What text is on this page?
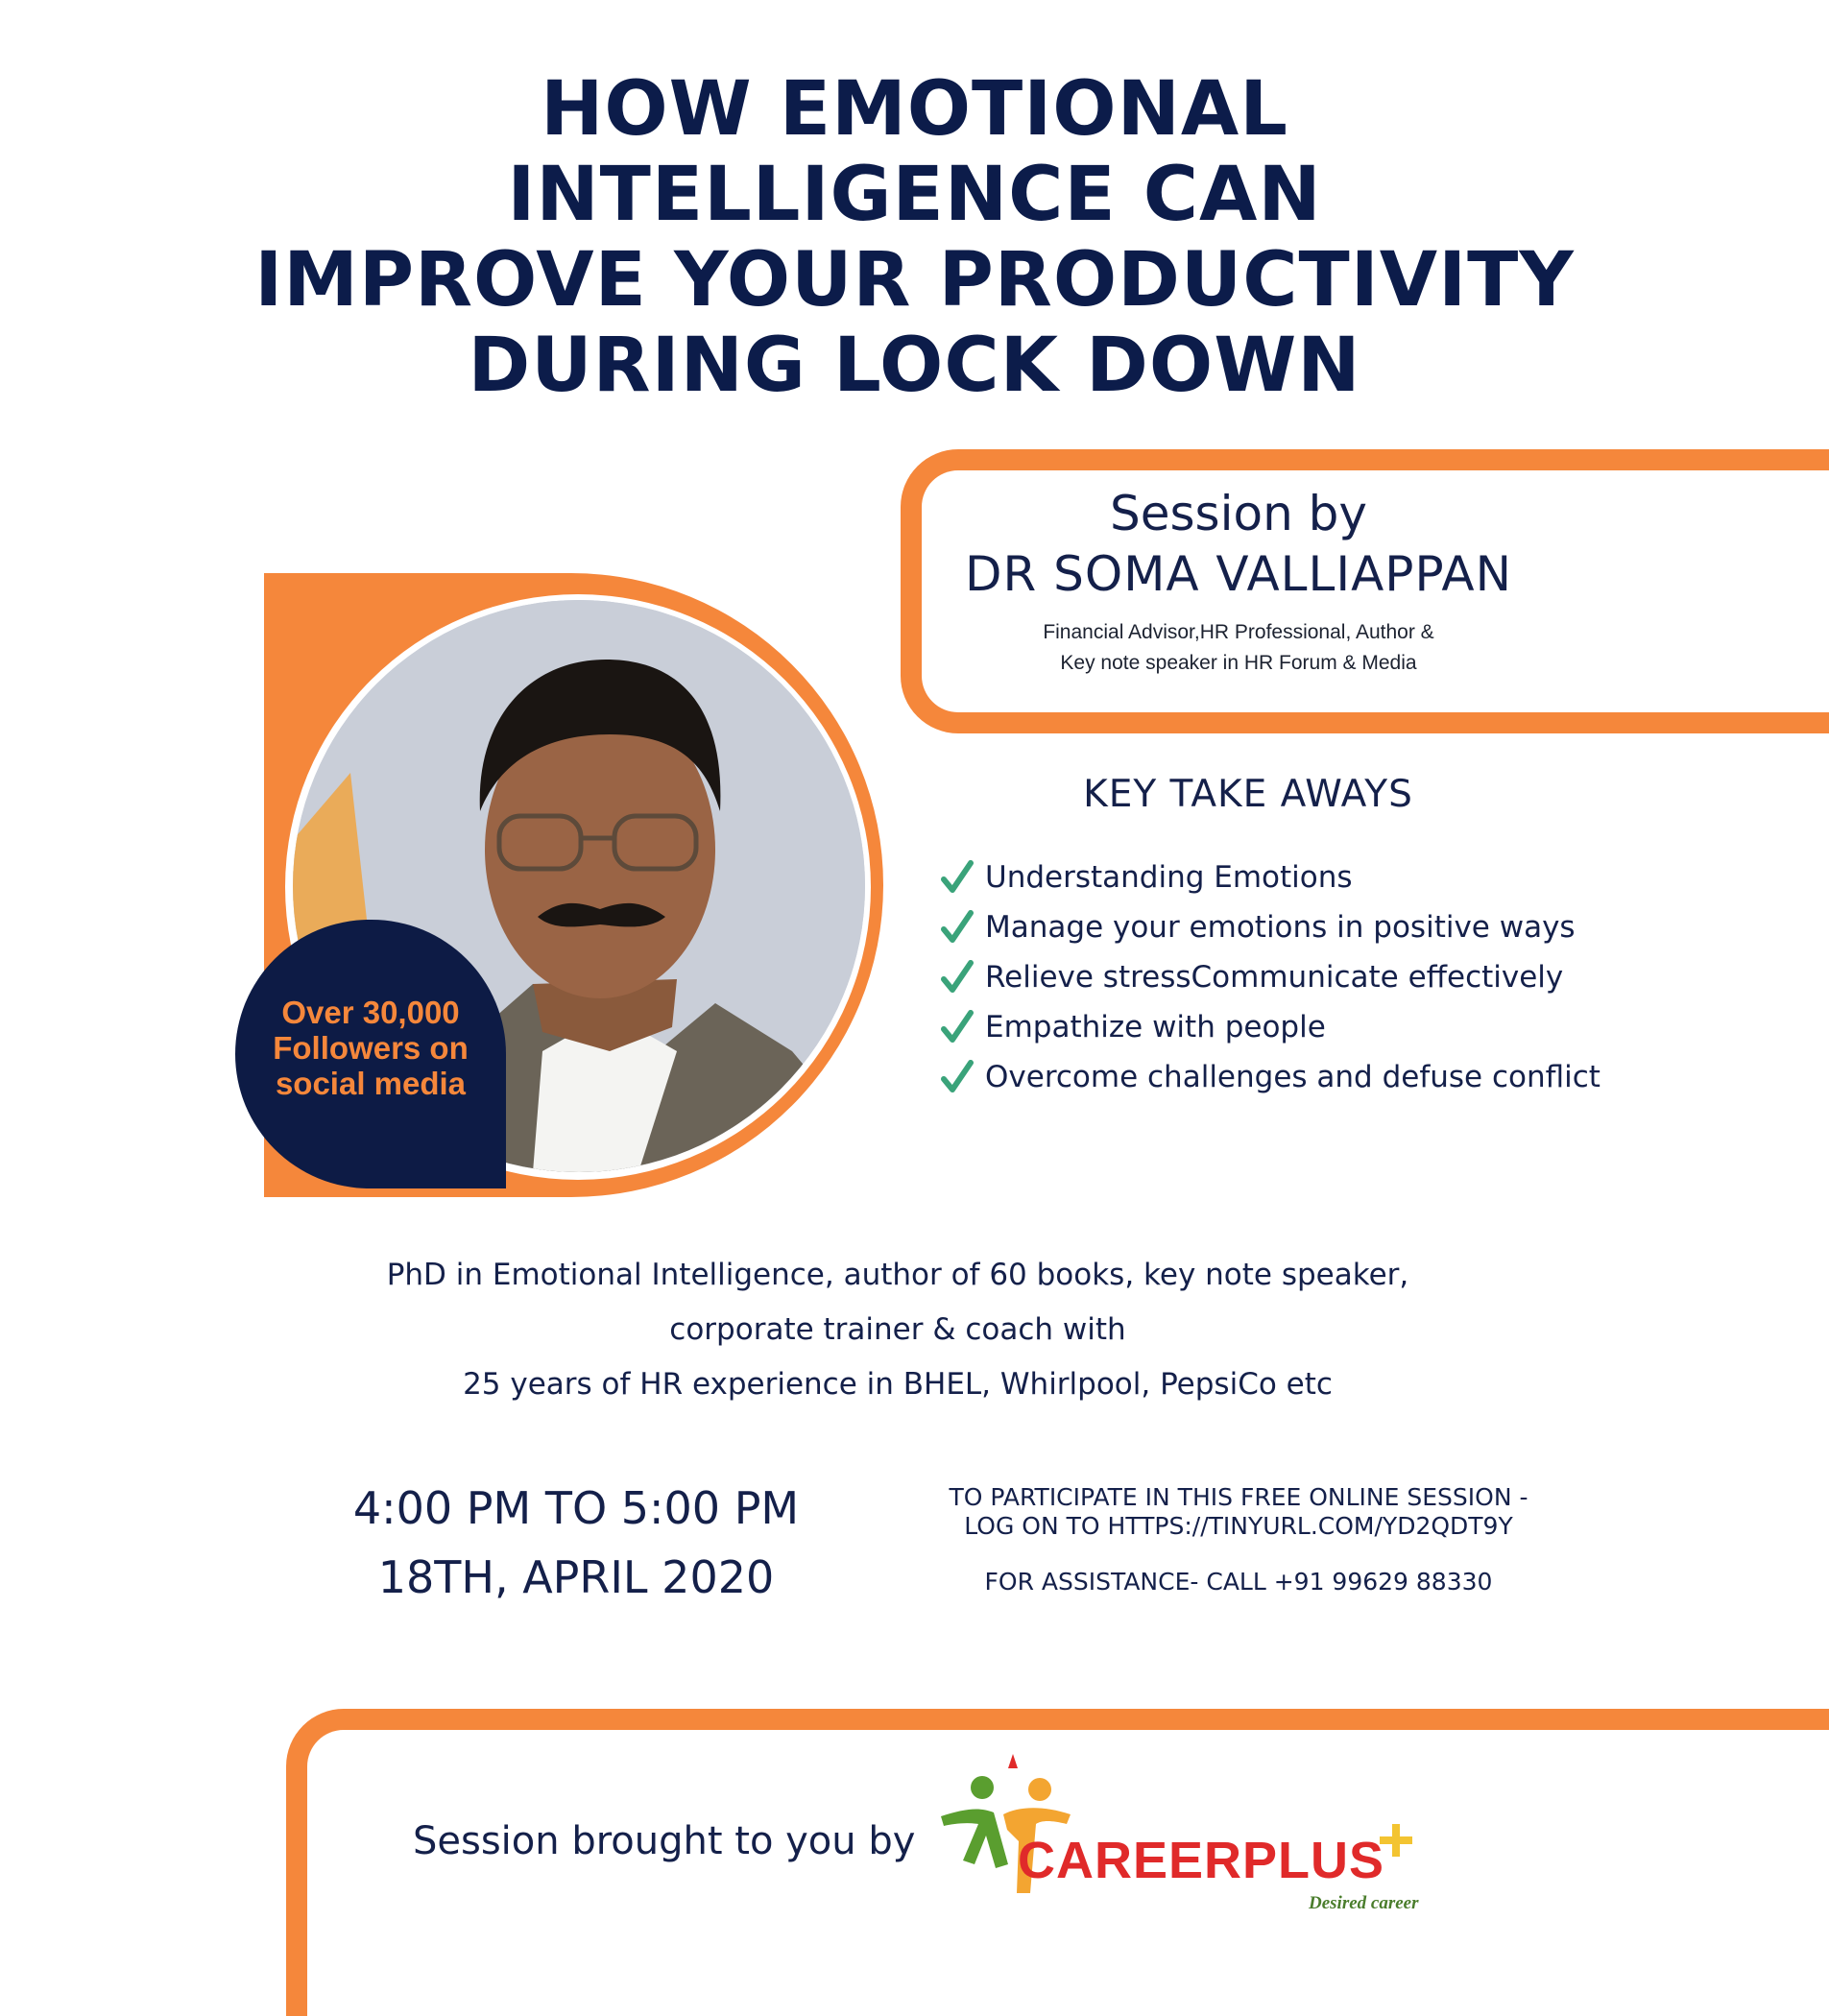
HOW EMOTIONAL
INTELLIGENCE CAN
IMPROVE YOUR PRODUCTIVITY
DURING LOCK DOWN
Session by
DR SOMA VALLIAPPAN
Financial Advisor,HR Professional, Author &
Key note speaker in HR Forum & Media
Over 30,000
Followers on
social media
KEY TAKE AWAYS
Understanding Emotions
Manage your emotions in positive ways
Relieve stressCommunicate effectively
Empathize with people
Overcome challenges and defuse conflict
PhD in Emotional Intelligence, author of 60 books, key note speaker,
corporate trainer & coach with
25 years of HR experience in BHEL, Whirlpool, PepsiCo etc
4:00 PM TO 5:00 PM
18TH, APRIL 2020
TO PARTICIPATE IN THIS FREE ONLINE SESSION -
LOG ON TO HTTPS://TINYURL.COM/YD2QDT9Y
FOR ASSISTANCE- CALL +91 99629 88330
Session brought to you by CAREERPLUS
Desired career
